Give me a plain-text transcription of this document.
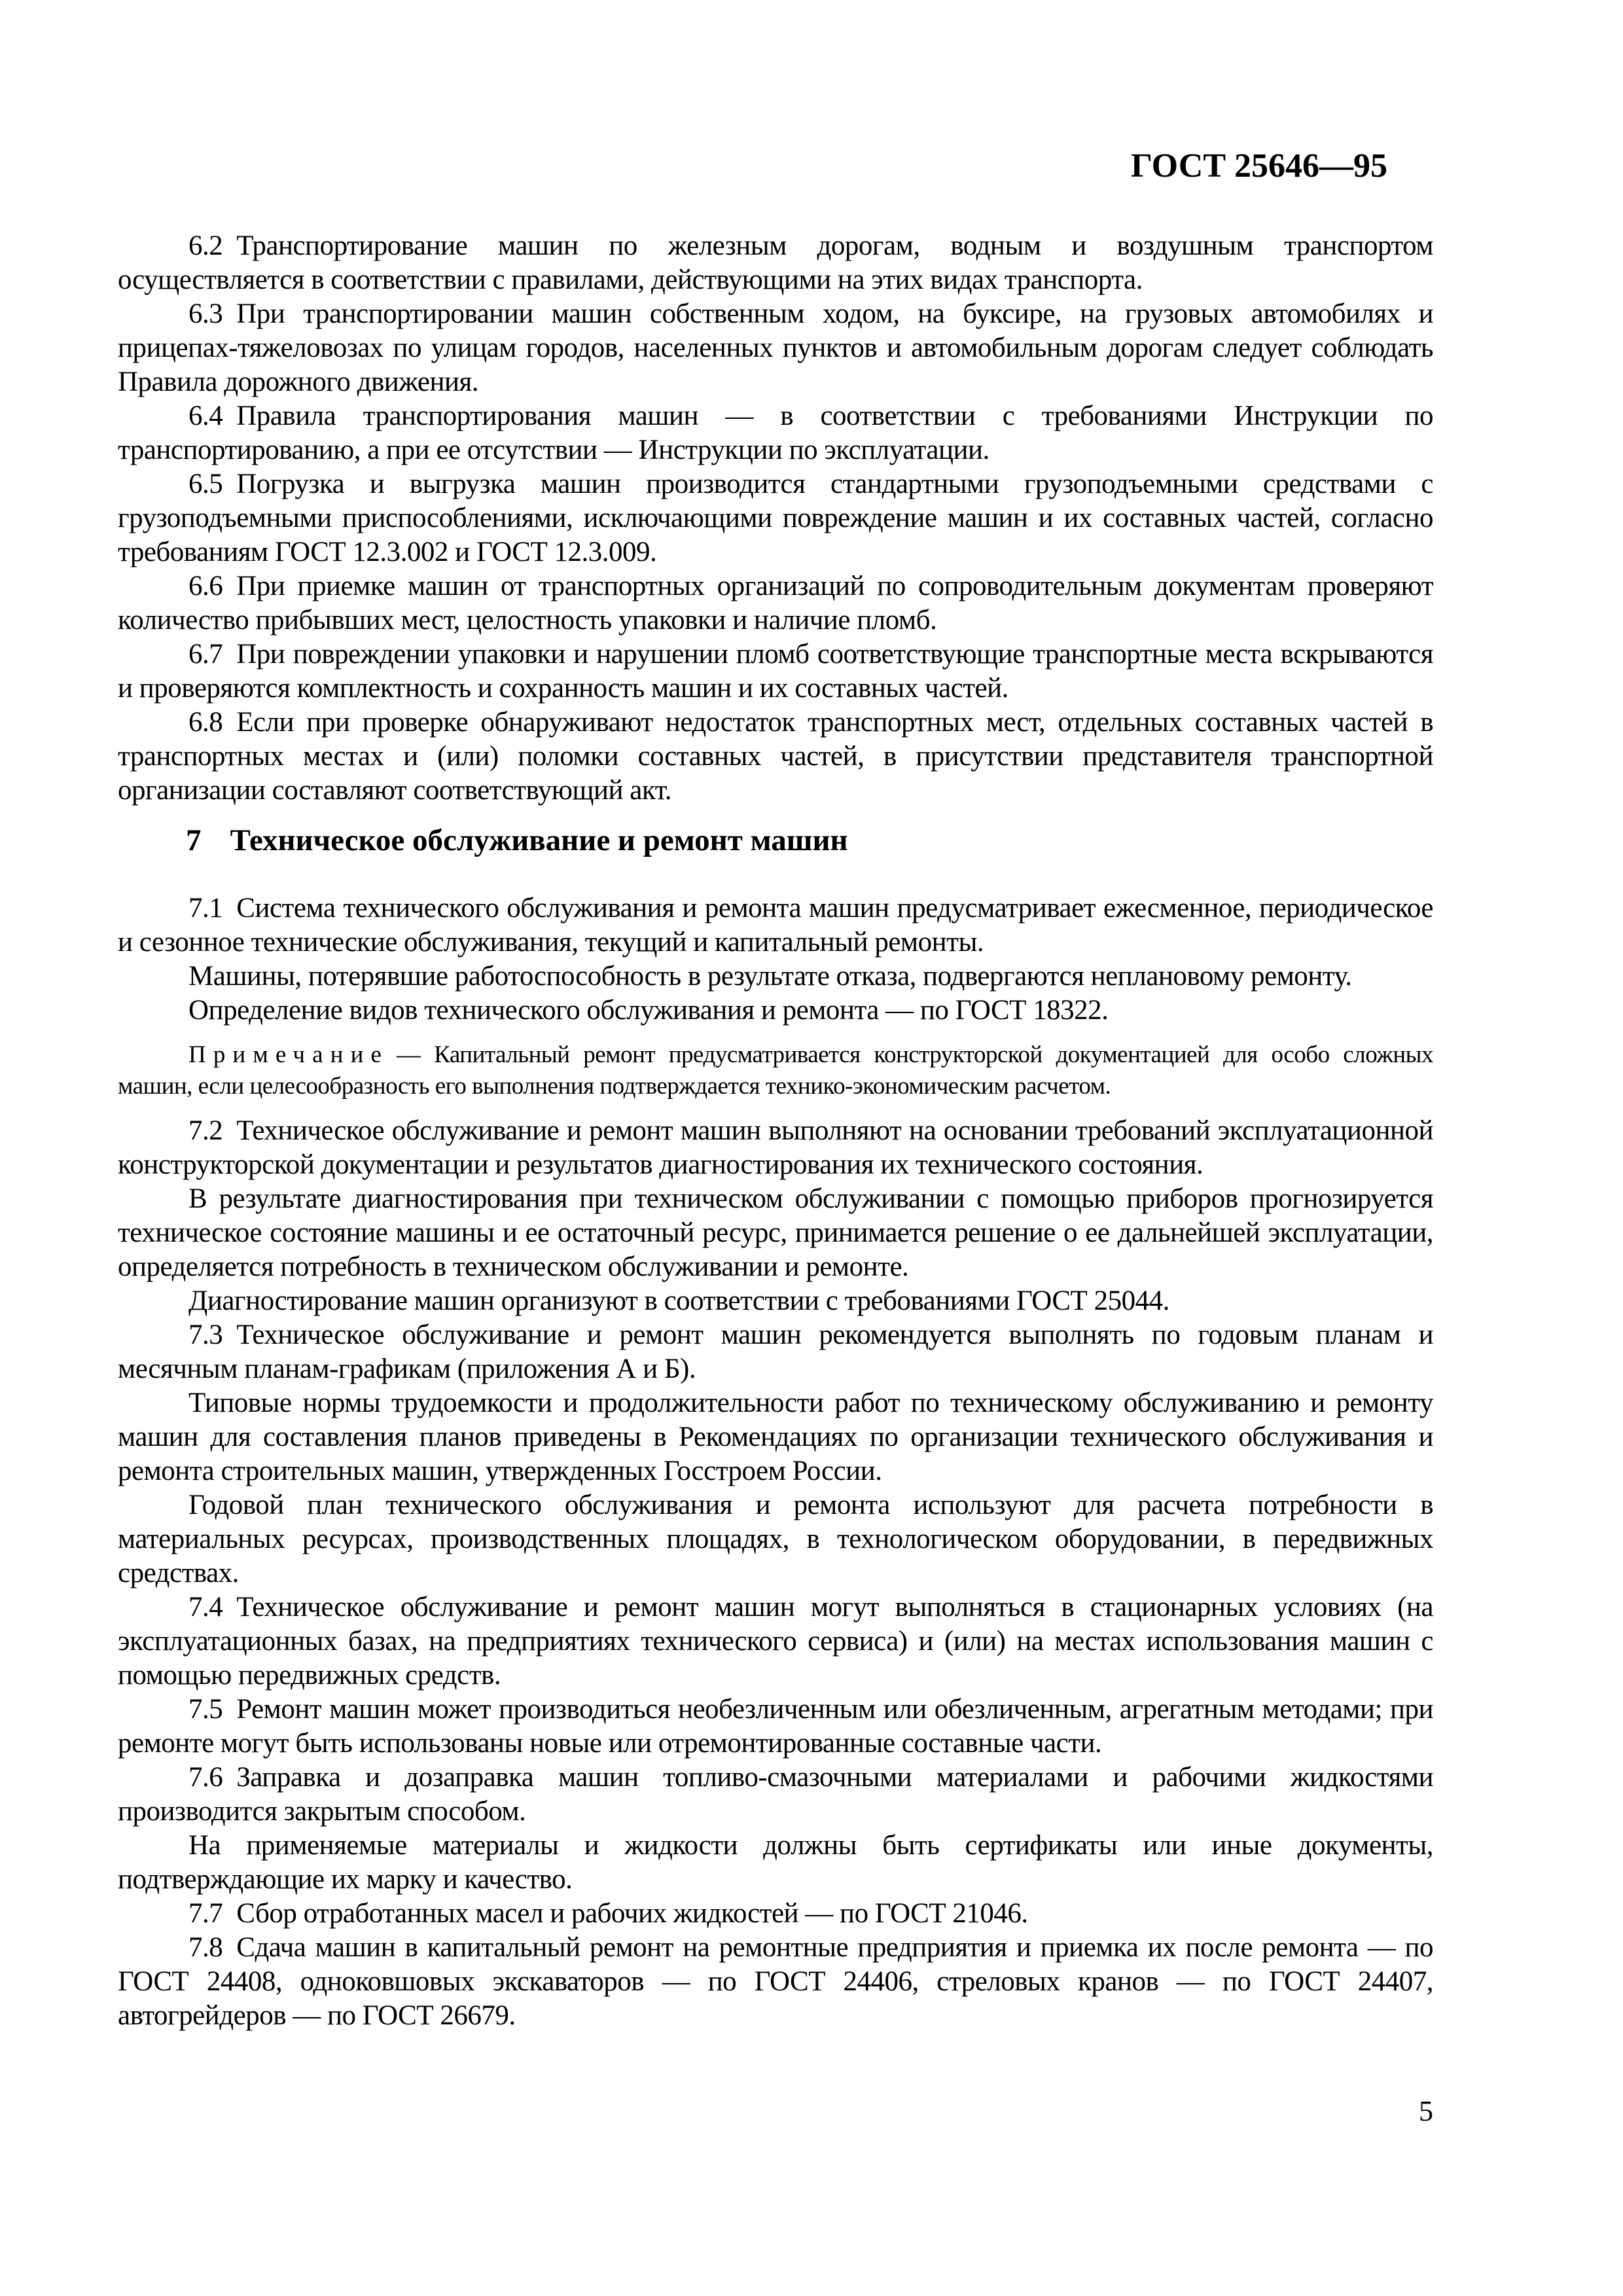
ГОСТ 25646—95

6.2 Транспортирование машин по железным дорогам, водным и воздушным транспортом осуществляется в соответствии с правилами, действующими на этих видах транспорта.

6.3 При транспортировании машин собственным ходом, на буксире, на грузовых автомобилях и прицепах-тяжеловозах по улицам городов, населенных пунктов и автомобильным дорогам следует соблюдать Правила дорожного движения.

6.4 Правила транспортирования машин — в соответствии с требованиями Инструкции по транспортированию, а при ее отсутствии — Инструкции по эксплуатации.

6.5 Погрузка и выгрузка машин производится стандартными грузоподъемными средствами с грузоподъемными приспособлениями, исключающими повреждение машин и их составных частей, согласно требованиям ГОСТ 12.3.002 и ГОСТ 12.3.009.

6.6 При приемке машин от транспортных организаций по сопроводительным документам проверяют количество прибывших мест, целостность упаковки и наличие пломб.

6.7 При повреждении упаковки и нарушении пломб соответствующие транспортные места вскрываются и проверяются комплектность и сохранность машин и их составных частей.

6.8 Если при проверке обнаруживают недостаток транспортных мест, отдельных составных частей в транспортных местах и (или) поломки составных частей, в присутствии представителя транспортной организации составляют соответствующий акт.

7 Техническое обслуживание и ремонт машин

7.1 Система технического обслуживания и ремонта машин предусматривает ежесменное, периодическое и сезонное технические обслуживания, текущий и капитальный ремонты.

Машины, потерявшие работоспособность в результате отказа, подвергаются неплановому ремонту.

Определение видов технического обслуживания и ремонта — по ГОСТ 18322.

Примечание — Капитальный ремонт предусматривается конструкторской документацией для особо сложных машин, если целесообразность его выполнения подтверждается технико-экономическим расчетом.

7.2 Техническое обслуживание и ремонт машин выполняют на основании требований эксплуатационной конструкторской документации и результатов диагностирования их технического состояния.

В результате диагностирования при техническом обслуживании с помощью приборов прогнозируется техническое состояние машины и ее остаточный ресурс, принимается решение о ее дальнейшей эксплуатации, определяется потребность в техническом обслуживании и ремонте.

Диагностирование машин организуют в соответствии с требованиями ГОСТ 25044.

7.3 Техническое обслуживание и ремонт машин рекомендуется выполнять по годовым планам и месячным планам-графикам (приложения А и Б).

Типовые нормы трудоемкости и продолжительности работ по техническому обслуживанию и ремонту машин для составления планов приведены в Рекомендациях по организации технического обслуживания и ремонта строительных машин, утвержденных Госстроем России.

Годовой план технического обслуживания и ремонта используют для расчета потребности в материальных ресурсах, производственных площадях, в технологическом оборудовании, в передвижных средствах.

7.4 Техническое обслуживание и ремонт машин могут выполняться в стационарных условиях (на эксплуатационных базах, на предприятиях технического сервиса) и (или) на местах использования машин с помощью передвижных средств.

7.5 Ремонт машин может производиться необезличенным или обезличенным, агрегатным методами; при ремонте могут быть использованы новые или отремонтированные составные части.

7.6 Заправка и дозаправка машин топливо-смазочными материалами и рабочими жидкостями производится закрытым способом.

На применяемые материалы и жидкости должны быть сертификаты или иные документы, подтверждающие их марку и качество.

7.7 Сбор отработанных масел и рабочих жидкостей — по ГОСТ 21046.

7.8 Сдача машин в капитальный ремонт на ремонтные предприятия и приемка их после ремонта — по ГОСТ 24408, одноковшовых экскаваторов — по ГОСТ 24406, стреловых кранов — по ГОСТ 24407, автогрейдеров — по ГОСТ 26679.

5
